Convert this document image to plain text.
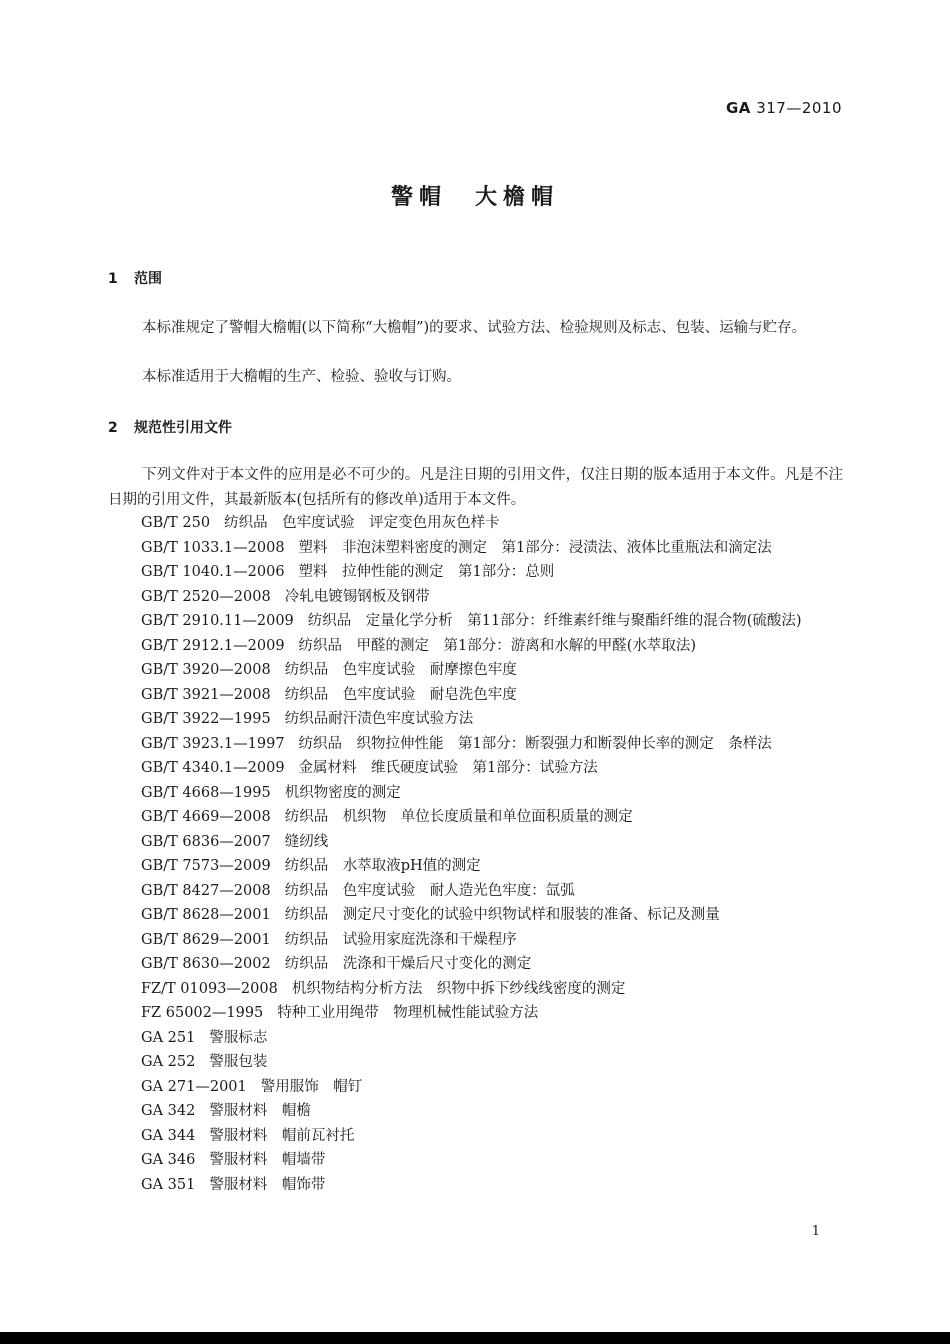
GA 317—2010
警帽　大檐帽
1 范围

本标准规定了警帽大檐帽(以下简称“大檐帽”)的要求、试验方法、检验规则及标志、包装、运输与贮存。

本标准适用于大檐帽的生产、检验、验收与订购。

2 规范性引用文件

下列文件对于本文件的应用是必不可少的。凡是注日期的引用文件，仅注日期的版本适用于本文件。凡是不注日期的引用文件，其最新版本(包括所有的修改单)适用于本文件。

GB/T 250 纺织品　色牢度试验　评定变色用灰色样卡
GB/T 1033.1—2008 塑料　非泡沫塑料密度的测定　第1部分：浸渍法、液体比重瓶法和滴定法
GB/T 1040.1—2006 塑料　拉伸性能的测定　第1部分：总则
GB/T 2520—2008 冷轧电镀锡钢板及钢带
GB/T 2910.11—2009 纺织品　定量化学分析　第11部分：纤维素纤维与聚酯纤维的混合物(硫酸法)
GB/T 2912.1—2009 纺织品　甲醛的测定　第1部分：游离和水解的甲醛(水萃取法)
GB/T 3920—2008 纺织品　色牢度试验　耐摩擦色牢度
GB/T 3921—2008 纺织品　色牢度试验　耐皂洗色牢度
GB/T 3922—1995 纺织品耐汗渍色牢度试验方法
GB/T 3923.1—1997 纺织品　织物拉伸性能　第1部分：断裂强力和断裂伸长率的测定　条样法
GB/T 4340.1—2009 金属材料　维氏硬度试验　第1部分：试验方法
GB/T 4668—1995 机织物密度的测定
GB/T 4669—2008 纺织品　机织物　单位长度质量和单位面积质量的测定
GB/T 6836—2007 缝纫线
GB/T 7573—2009 纺织品　水萃取液pH值的测定
GB/T 8427—2008 纺织品　色牢度试验　耐人造光色牢度：氙弧
GB/T 8628—2001 纺织品　测定尺寸变化的试验中织物试样和服装的准备、标记及测量
GB/T 8629—2001 纺织品　试验用家庭洗涤和干燥程序
GB/T 8630—2002 纺织品　洗涤和干燥后尺寸变化的测定
FZ/T 01093—2008 机织物结构分析方法　织物中拆下纱线线密度的测定
FZ 65002—1995 特种工业用绳带　物理机械性能试验方法
GA 251 警服标志
GA 252 警服包装
GA 271—2001 警用服饰　帽钉
GA 342 警服材料　帽檐
GA 344 警服材料　帽前瓦衬托
GA 346 警服材料　帽墙带
GA 351 警服材料　帽饰带
1
